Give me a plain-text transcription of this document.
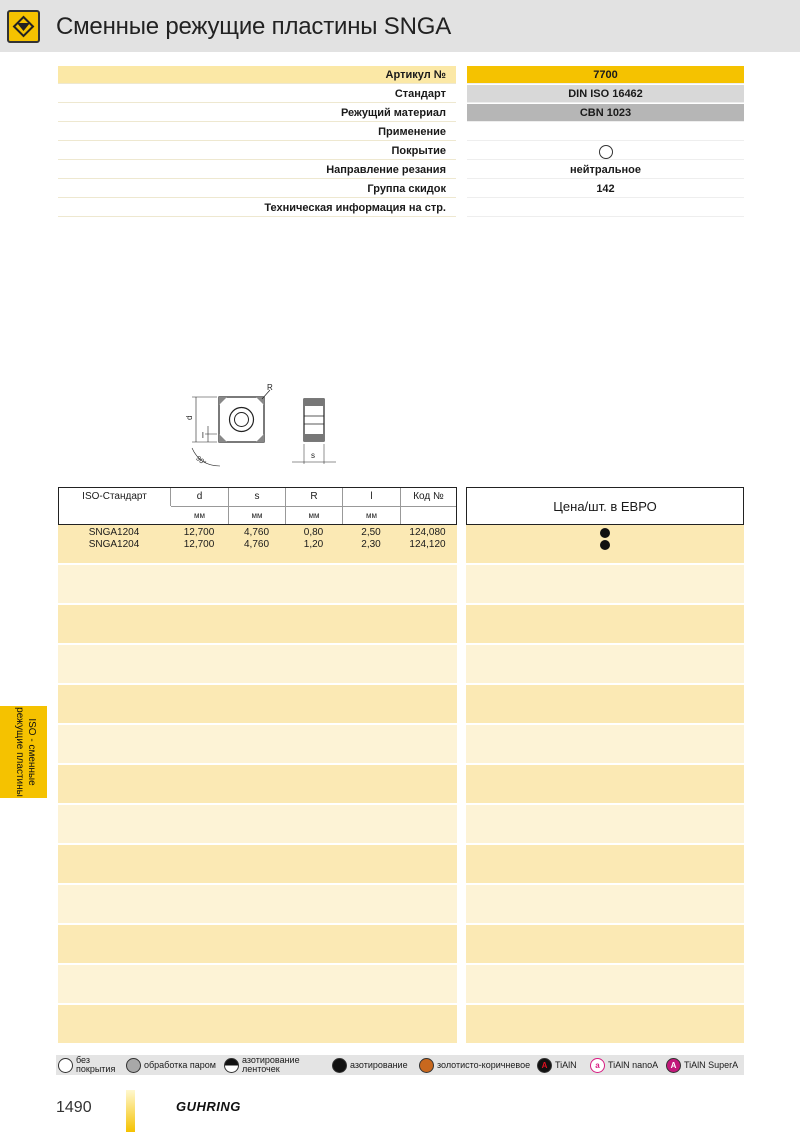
Сменные режущие пластины SNGA
Артикул №	7700
Стандарт	DIN ISO 16462
Режущий материал	CBN 1023
Применение
Покрытие
Направление резания	нейтральное
Группа скидок	142
Техническая информация на стр.
R
d
l
90°	s
ISO-Стандарт	d	s	R	l	Код №
мм	мм	мм	мм
SNGA1204	12,700	4,760	0,80	2,50	124,080
SNGA1204	12,700	4,760	1,20	2,30	124,120
Цена/шт. в ЕВРО
ISO - сменные
режущие пластины
без
покрытия	обработка паром	азотирование
ленточек	азотирование	золотисто-коричневое	A TiAlN	a TiAlN nanoA	A TiAlN SuperA
1490	GUHRING
